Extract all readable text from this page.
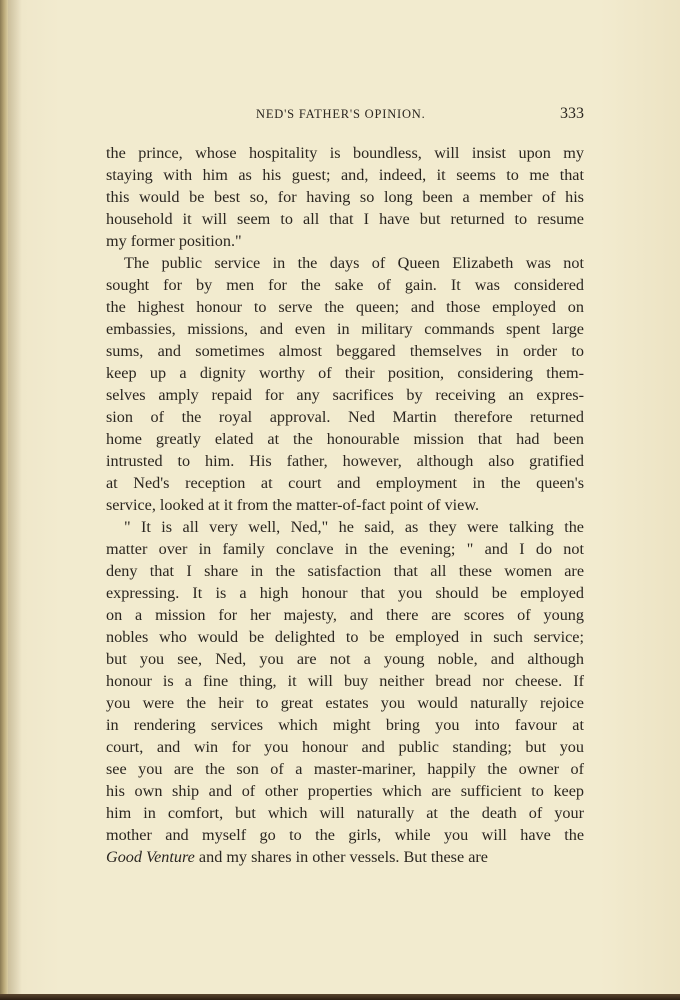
NED'S FATHER'S OPINION.	333
the prince, whose hospitality is boundless, will insist upon my
staying with him as his guest; and, indeed, it seems to me that
this would be best so, for having so long been a member of his
household it will seem to all that I have but returned to resume
my former position."
The public service in the days of Queen Elizabeth was not
sought for by men for the sake of gain. It was considered
the highest honour to serve the queen; and those employed on
embassies, missions, and even in military commands spent large
sums, and sometimes almost beggared themselves in order to
keep up a dignity worthy of their position, considering them-
selves amply repaid for any sacrifices by receiving an expres-
sion of the royal approval. Ned Martin therefore returned
home greatly elated at the honourable mission that had been
intrusted to him. His father, however, although also gratified
at Ned's reception at court and employment in the queen's
service, looked at it from the matter-of-fact point of view.
" It is all very well, Ned," he said, as they were talking the
matter over in family conclave in the evening; " and I do not
deny that I share in the satisfaction that all these women are
expressing. It is a high honour that you should be employed
on a mission for her majesty, and there are scores of young
nobles who would be delighted to be employed in such service;
but you see, Ned, you are not a young noble, and although
honour is a fine thing, it will buy neither bread nor cheese. If
you were the heir to great estates you would naturally rejoice
in rendering services which might bring you into favour at
court, and win for you honour and public standing; but you
see you are the son of a master-mariner, happily the owner of
his own ship and of other properties which are sufficient to keep
him in comfort, but which will naturally at the death of your
mother and myself go to the girls, while you will have the
Good Venture and my shares in other vessels. But these are
